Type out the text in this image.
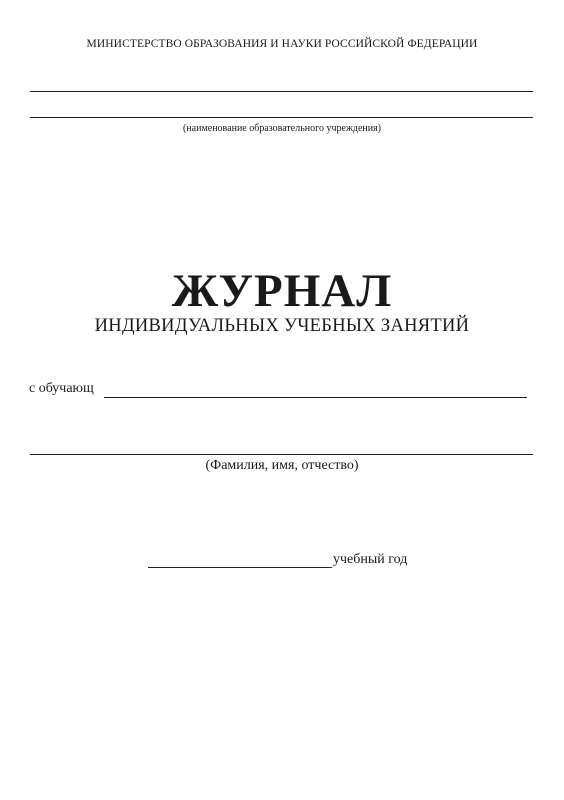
МИНИСТЕРСТВО ОБРАЗОВАНИЯ И НАУКИ РОССИЙСКОЙ ФЕДЕРАЦИИ
(наименование образовательного учреждения)
ЖУРНАЛ
ИНДИВИДУАЛЬНЫХ УЧЕБНЫХ ЗАНЯТИЙ
с обучающ
(Фамилия, имя, отчество)
учебный год
